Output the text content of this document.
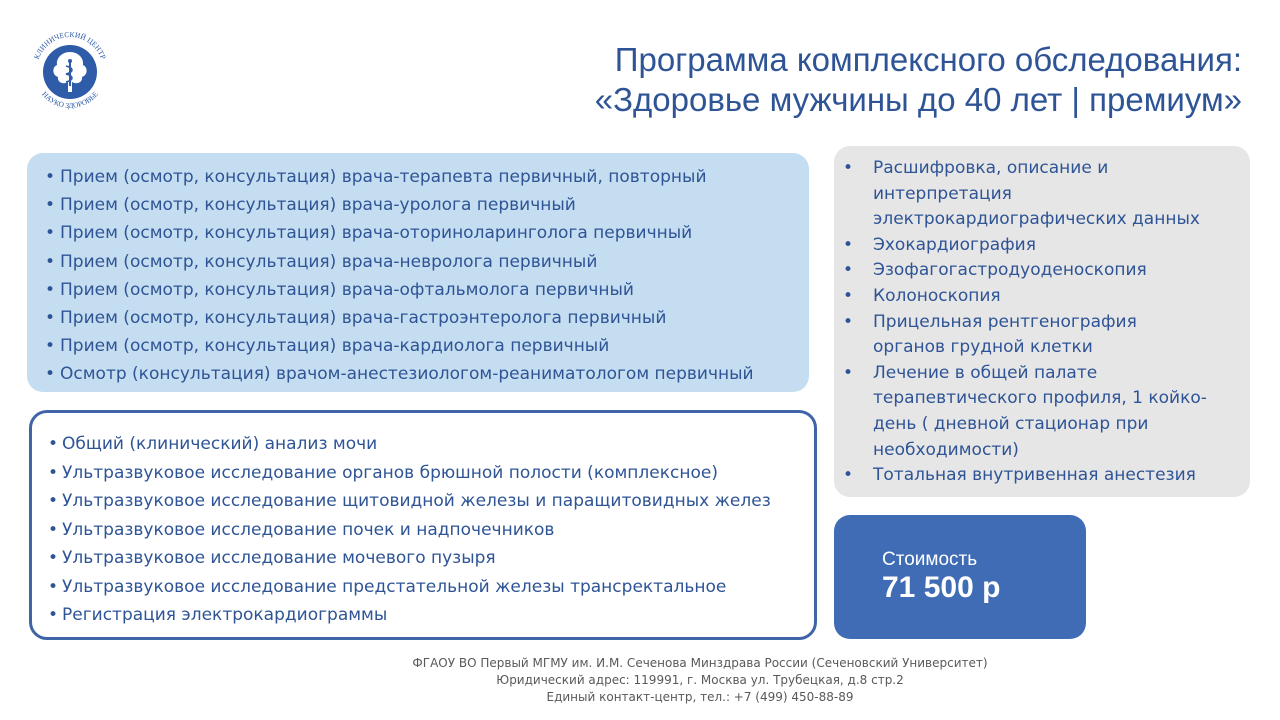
КЛИНИЧЕСКИЙ ЦЕНТР
НАУКО ЗДОРОВЬЕ
Программа комплексного обследования:
«Здоровье мужчины до 40 лет | премиум»
• Прием (осмотр, консультация) врача-терапевта первичный, повторный
• Прием (осмотр, консультация) врача-уролога первичный
• Прием (осмотр, консультация) врача-оториноларинголога первичный
• Прием (осмотр, консультация) врача-невролога первичный
• Прием (осмотр, консультация) врача-офтальмолога первичный
• Прием (осмотр, консультация) врача-гастроэнтеролога первичный
• Прием (осмотр, консультация) врача-кардиолога первичный
• Осмотр (консультация) врачом-анестезиологом-реаниматологом первичный
• Общий (клинический) анализ мочи
• Ультразвуковое исследование органов брюшной полости (комплексное)
• Ультразвуковое исследование щитовидной железы и паращитовидных желез
• Ультразвуковое исследование почек и надпочечников
• Ультразвуковое исследование мочевого пузыря
• Ультразвуковое исследование предстательной железы трансректальное
• Регистрация электрокардиограммы
• Расшифровка, описание и интерпретация электрокардиографических данных
• Эхокардиография
• Эзофагогастродуоденоскопия
• Колоноскопия
• Прицельная рентгенография органов грудной клетки
• Лечение в общей палате терапевтического профиля, 1 койко-день ( дневной стационар при необходимости)
• Тотальная внутривенная анестезия
Стоимость
71 500 р
ФГАОУ ВО Первый МГМУ им. И.М. Сеченова Минздрава России (Сеченовский Университет)
Юридический адрес: 119991, г. Москва ул. Трубецкая, д.8 стр.2
Единый контакт-центр, тел.: +7 (499) 450-88-89
